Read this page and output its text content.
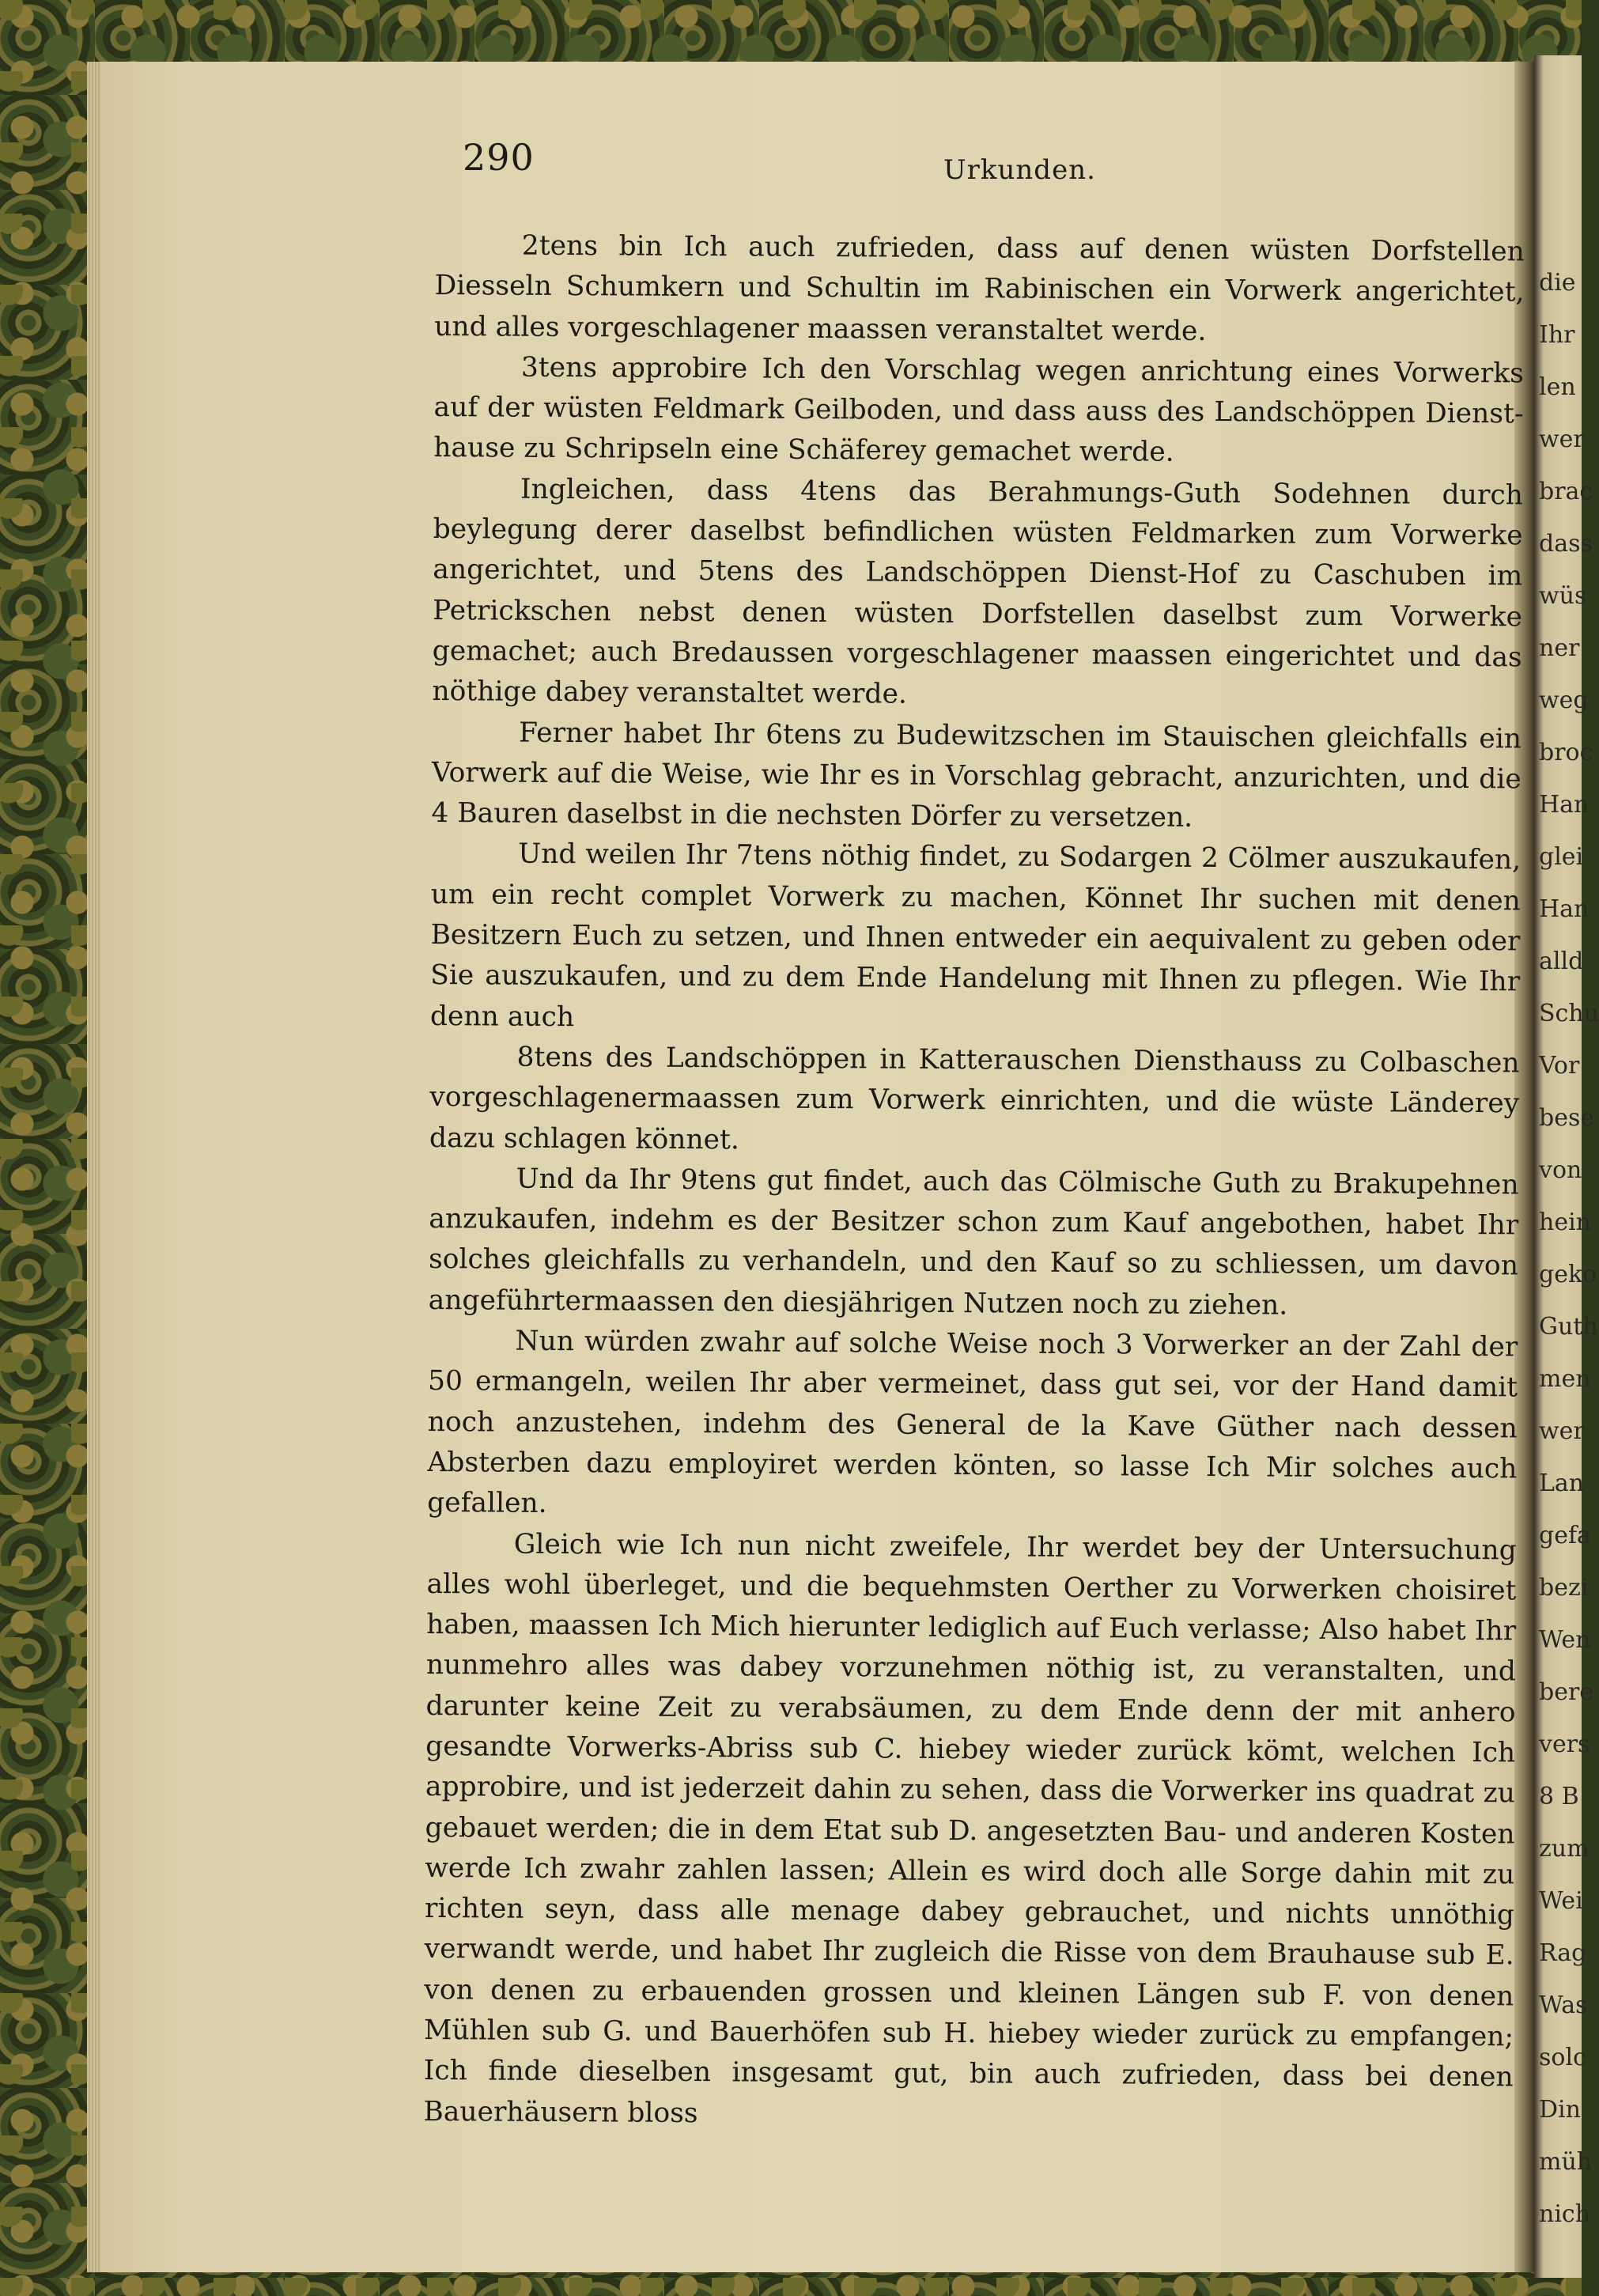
die
Ihr
len
wer
brac
dass
wüs
ner
weg
broc
Han
glei
Han
alld
Schu
Vor
bese
von
hein
geko
Guth
men
wer
Lan
gefa
bezi
Wen
bere
vers
8 B
zum
Wei
Rag
Was
solc
Din
müh
nich
290	Urkunden.

2tens bin Ich auch zufrieden, dass auf denen wüsten Dorfstellen Diesseln Schumkern und Schultin im Rabinischen ein Vorwerk angerichtet, und alles vorgeschlagener maassen veranstaltet werde.

3tens approbire Ich den Vorschlag wegen anrichtung eines Vorwerks auf der wüsten Feldmark Geilboden, und dass auss des Landschöppen Dienst-hause zu Schripseln eine Schäferey gemachet werde.

Ingleichen, dass 4tens das Berahmungs-Guth Sodehnen durch beylegung derer daselbst befindlichen wüsten Feldmarken zum Vorwerke angerichtet, und 5tens des Landschöppen Dienst-Hof zu Caschuben im Petrickschen nebst denen wüsten Dorfstellen daselbst zum Vorwerke gemachet; auch Bredaussen vorgeschlagener maassen eingerichtet und das nöthige dabey veranstaltet werde.

Ferner habet Ihr 6tens zu Budewitzschen im Stauischen gleichfalls ein Vorwerk auf die Weise, wie Ihr es in Vorschlag gebracht, anzurichten, und die 4 Bauren daselbst in die nechsten Dörfer zu versetzen.

Und weilen Ihr 7tens nöthig findet, zu Sodargen 2 Cölmer auszukaufen, um ein recht complet Vorwerk zu machen, Könnet Ihr suchen mit denen Besitzern Euch zu setzen, und Ihnen entweder ein aequivalent zu geben oder Sie auszukaufen, und zu dem Ende Handelung mit Ihnen zu pflegen. Wie Ihr denn auch

8tens des Landschöppen in Katterauschen Diensthauss zu Colbaschen vorgeschlagenermaassen zum Vorwerk einrichten, und die wüste Länderey dazu schlagen könnet.

Und da Ihr 9tens gut findet, auch das Cölmische Guth zu Brakupehnen anzukaufen, indehm es der Besitzer schon zum Kauf angebothen, habet Ihr solches gleichfalls zu verhandeln, und den Kauf so zu schliessen, um davon angeführtermaassen den diesjährigen Nutzen noch zu ziehen.

Nun würden zwahr auf solche Weise noch 3 Vorwerker an der Zahl der 50 ermangeln, weilen Ihr aber vermeinet, dass gut sei, vor der Hand damit noch anzustehen, indehm des General de la Kave Güther nach dessen Absterben dazu employiret werden könten, so lasse Ich Mir solches auch gefallen.

Gleich wie Ich nun nicht zweifele, Ihr werdet bey der Untersuchung alles wohl überleget, und die bequehmsten Oerther zu Vorwerken choisiret haben, maassen Ich Mich hierunter lediglich auf Euch verlasse; Also habet Ihr nunmehro alles was dabey vorzunehmen nöthig ist, zu veranstalten, und darunter keine Zeit zu verabsäumen, zu dem Ende denn der mit anhero gesandte Vorwerks-Abriss sub C. hiebey wieder zurück kömt, welchen Ich approbire, und ist jederzeit dahin zu sehen, dass die Vorwerker ins quadrat zu gebauet werden; die in dem Etat sub D. angesetzten Bau- und anderen Kosten werde Ich zwahr zahlen lassen; Allein es wird doch alle Sorge dahin mit zu richten seyn, dass alle menage dabey gebrauchet, und nichts unnöthig verwandt werde, und habet Ihr zugleich die Risse von dem Brauhause sub E. von denen zu erbauenden grossen und kleinen Längen sub F. von denen Mühlen sub G. und Bauerhöfen sub H. hiebey wieder zurück zu empfangen; Ich finde dieselben insgesamt gut, bin auch zufrieden, dass bei denen Bauerhäusern bloss
